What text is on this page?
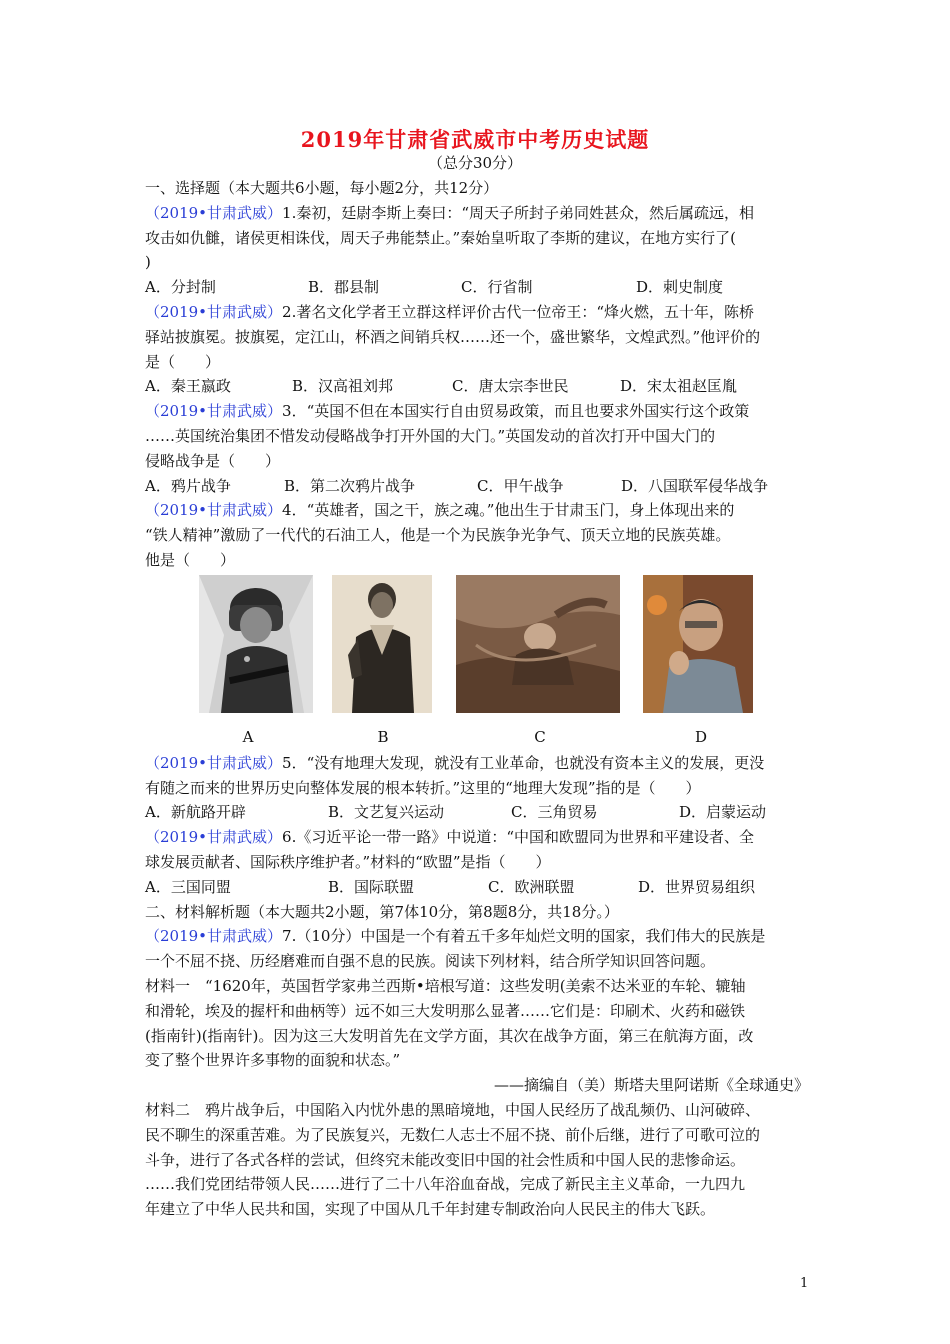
2019年甘肃省武威市中考历史试题
（总分30分）

一、选择题（本大题共6小题，每小题2分，共12分）

（2019•甘肃武威）1.秦初，廷尉李斯上奏曰：“周天子所封子弟同姓甚众，然后属疏远，相

攻击如仇雠，诸侯更相诛伐，周天子弗能禁止。”秦始皇听取了李斯的建议，在地方实行了(

)

A．分封制	B．郡县制	C．行省制	D．刺史制度

（2019•甘肃武威）2.著名文化学者王立群这样评价古代一位帝王：“烽火燃，五十年，陈桥

驿站披旗冕。披旗冕，定江山，杯酒之间销兵权……还一个，盛世繁华，文煌武烈。”他评价的

是（　　）

A．秦王嬴政	B．汉高祖刘邦	C．唐太宗李世民	D．宋太祖赵匡胤

（2019•甘肃武威）3．“英国不但在本国实行自由贸易政策，而且也要求外国实行这个政策

……英国统治集团不惜发动侵略战争打开外国的大门。”英国发动的首次打开中国大门的

侵略战争是（　　）

A．鸦片战争	B．第二次鸦片战争	C．甲午战争	D．八国联军侵华战争

（2019•甘肃武威）4．“英雄者，国之干，族之魂。”他出生于甘肃玉门，身上体现出来的

“铁人精神”激励了一代代的石油工人，他是一个为民族争光争气、顶天立地的民族英雄。

他是（　　）

A	B	C	D

（2019•甘肃武威）5．“没有地理大发现，就没有工业革命，也就没有资本主义的发展，更没

有随之而来的世界历史向整体发展的根本转折。”这里的“地理大发现”指的是（　　）

A．新航路开辟	B．文艺复兴运动	C．三角贸易	D．启蒙运动

（2019•甘肃武威）6.《习近平论一带一路》中说道：“中国和欧盟同为世界和平建设者、全

球发展贡献者、国际秩序维护者。”材料的“欧盟”是指（　　）

A．三国同盟	B．国际联盟	C．欧洲联盟	D．世界贸易组织

二、材料解析题（本大题共2小题，第7体10分，第8题8分，共18分。）

（2019•甘肃武威）7.（10分）中国是一个有着五千多年灿烂文明的国家，我们伟大的民族是

一个不屈不挠、历经磨难而自强不息的民族。阅读下列材料，结合所学知识回答问题。

材料一　“1620年，英国哲学家弗兰西斯•培根写道：这些发明(美索不达米亚的车轮、辘轴

和滑轮，埃及的握杆和曲柄等）远不如三大发明那么显著……它们是：印刷术、火药和磁铁

(指南针)(指南针)。因为这三大发明首先在文学方面，其次在战争方面，第三在航海方面，改

变了整个世界许多事物的面貌和状态。”

——摘编自（美）斯塔夫里阿诺斯《全球通史》

材料二　鸦片战争后，中国陷入内忧外患的黑暗境地，中国人民经历了战乱频仍、山河破碎、

民不聊生的深重苦难。为了民族复兴，无数仁人志士不屈不挠、前仆后继，进行了可歌可泣的

斗争，进行了各式各样的尝试，但终究未能改变旧中国的社会性质和中国人民的悲惨命运。

……我们党团结带领人民……进行了二十八年浴血奋战，完成了新民主主义革命，一九四九

年建立了中华人民共和国，实现了中国从几千年封建专制政治向人民民主的伟大飞跃。

1
